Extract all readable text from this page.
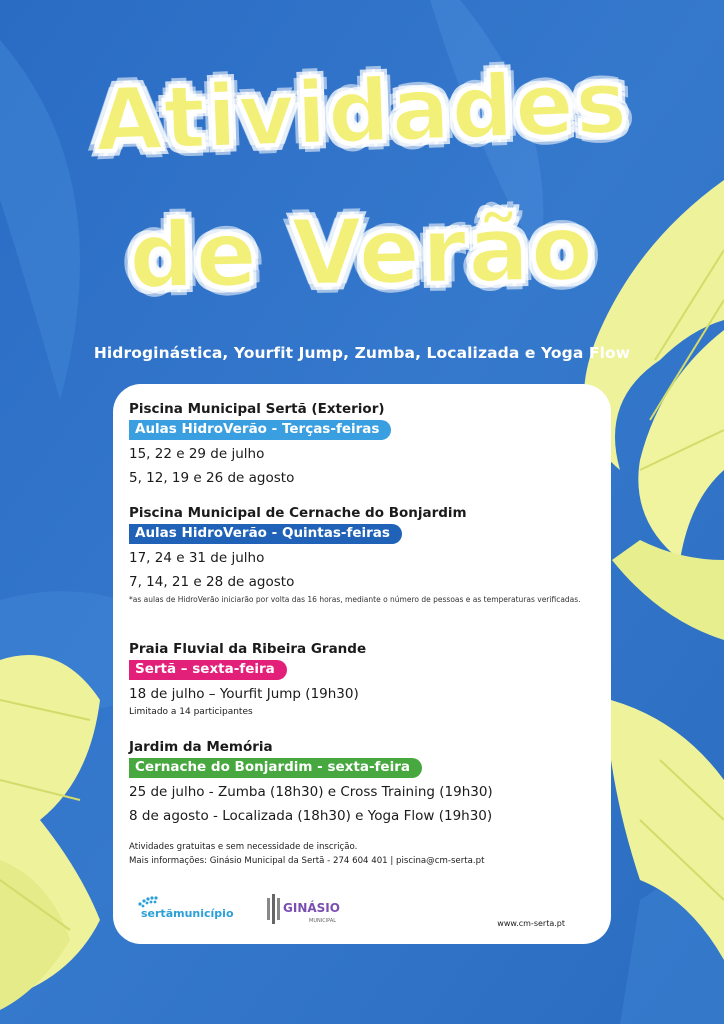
Atividades
de Verão
Hidroginástica, Yourfit Jump, Zumba, Localizada e Yoga Flow
Piscina Municipal Sertã (Exterior)
Aulas HidroVerão - Terças-feiras
15, 22 e 29 de julho
5, 12, 19 e 26 de agosto
Piscina Municipal de Cernache do Bonjardim
Aulas HidroVerão - Quintas-feiras
17, 24 e 31 de julho
7, 14, 21 e 28 de agosto
*as aulas de HidroVerão iniciarão por volta das 16 horas, mediante o número de pessoas e as temperaturas verificadas.
Praia Fluvial da Ribeira Grande
Sertã – sexta-feira
18 de julho – Yourfit Jump (19h30)
Limitado a 14 participantes
Jardim da Memória
Cernache do Bonjardim - sexta-feira
25 de julho - Zumba (18h30) e Cross Training (19h30)
8 de agosto - Localizada (18h30) e Yoga Flow (19h30)
Atividades gratuitas e sem necessidade de inscrição.
Mais informações: Ginásio Municipal da Sertã - 274 604 401 | piscina@cm-serta.pt
sertãmunicípio	GINÁSIO
MUNICIPAL	www.cm-serta.pt
